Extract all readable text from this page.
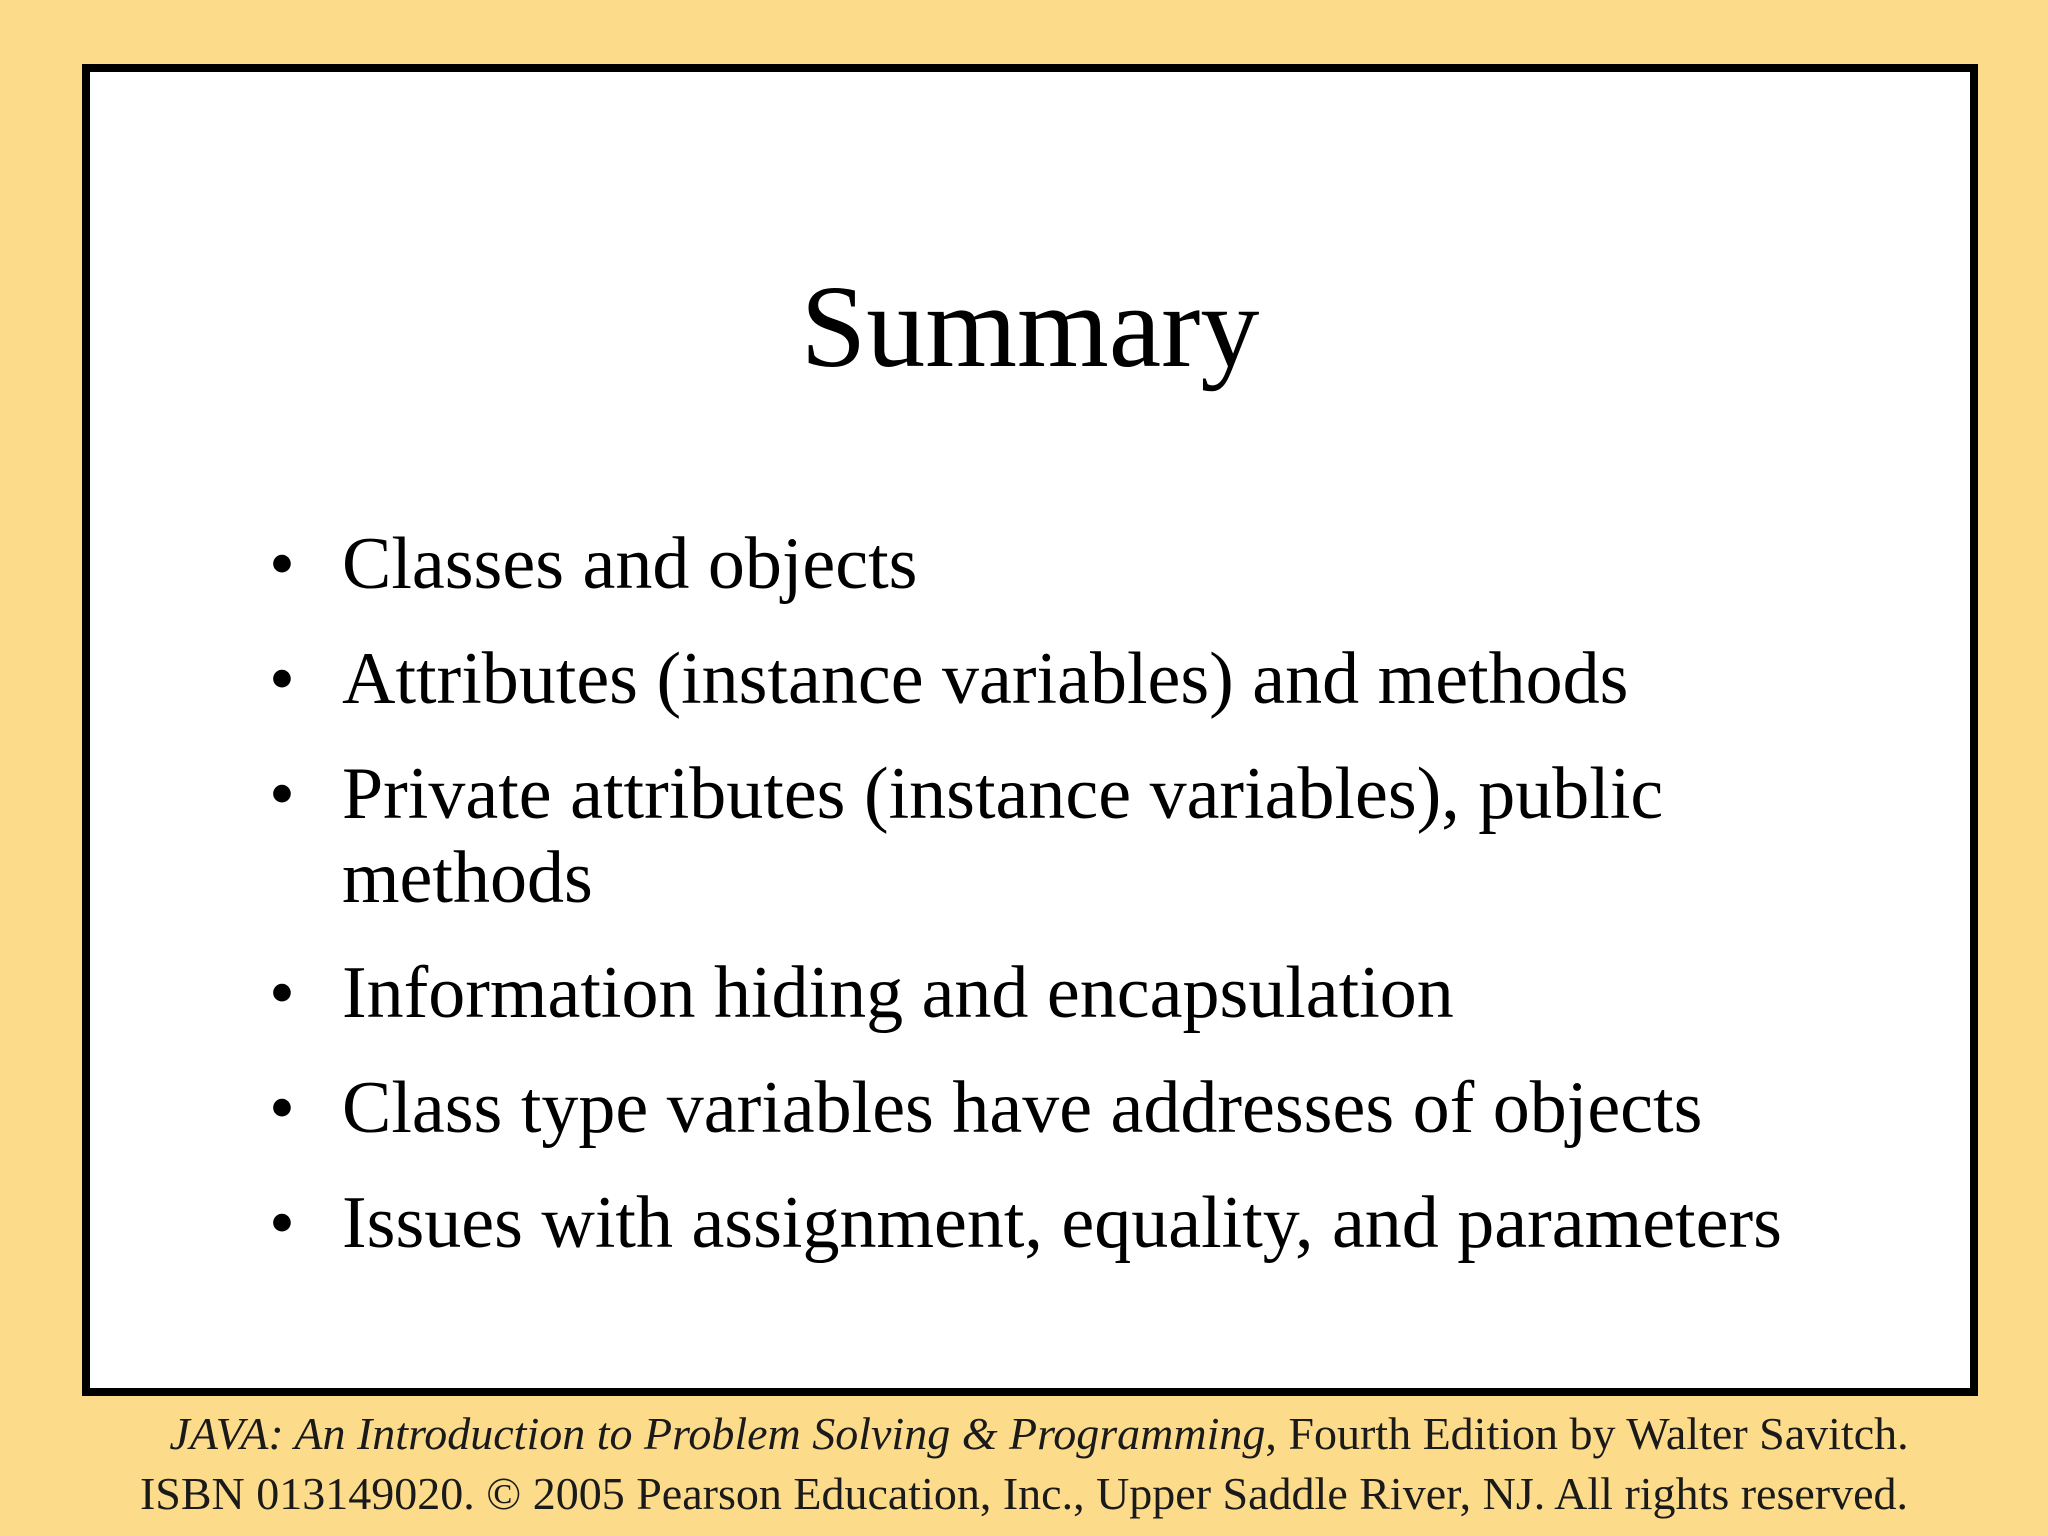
Summary
• Classes and objects
• Attributes (instance variables) and methods
• Private attributes (instance variables), public methods
• Information hiding and encapsulation
• Class type variables have addresses of objects
• Issues with assignment, equality, and parameters
JAVA: An Introduction to Problem Solving & Programming, Fourth Edition by Walter Savitch.
ISBN 013149020. © 2005 Pearson Education, Inc., Upper Saddle River, NJ. All rights reserved.
